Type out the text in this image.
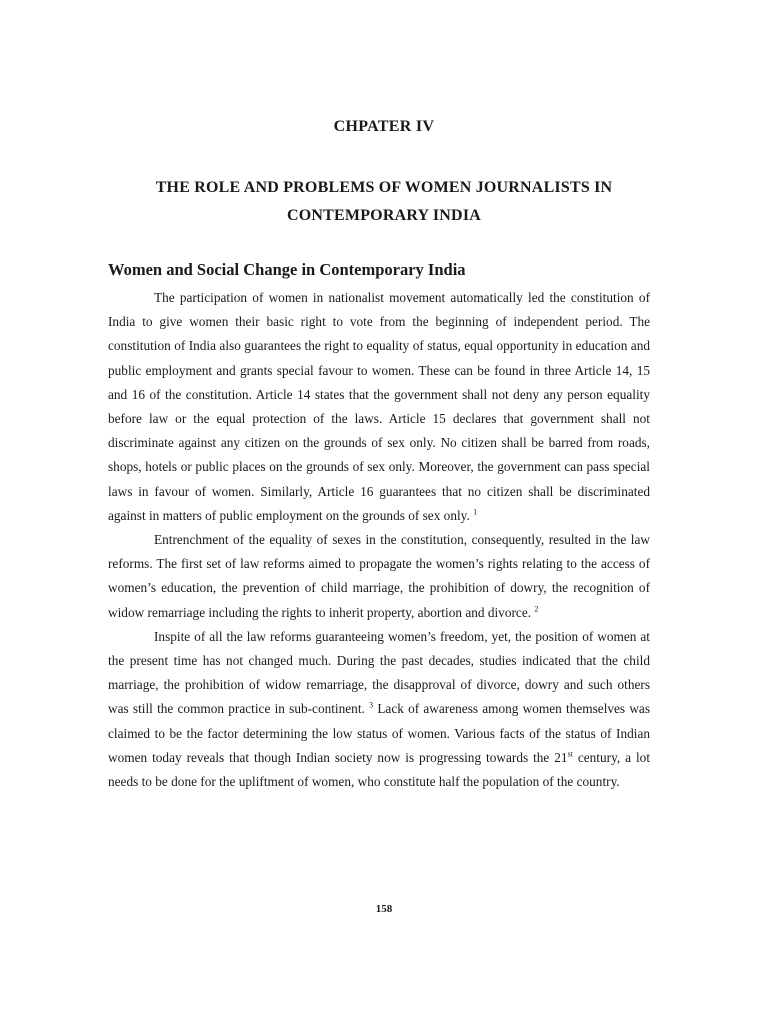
CHPATER IV
THE ROLE AND PROBLEMS OF WOMEN JOURNALISTS IN
CONTEMPORARY INDIA
Women and Social Change in Contemporary India

The participation of women in nationalist movement automatically led the constitution of India to give women their basic right to vote from the beginning of independent period. The constitution of India also guarantees the right to equality of status, equal opportunity in education and public employment and grants special favour to women. These can be found in three Article 14, 15 and 16 of the constitution. Article 14 states that the government shall not deny any person equality before law or the equal protection of the laws. Article 15 declares that government shall not discriminate against any citizen on the grounds of sex only. No citizen shall be barred from roads, shops, hotels or public places on the grounds of sex only. Moreover, the government can pass special laws in favour of women. Similarly, Article 16 guarantees that no citizen shall be discriminated against in matters of public employment on the grounds of sex only. $^1$

Entrenchment of the equality of sexes in the constitution, consequently, resulted in the law reforms. The first set of law reforms aimed to propagate the women’s rights relating to the access of women’s education, the prevention of child marriage, the prohibition of dowry, the recognition of widow remarriage including the rights to inherit property, abortion and divorce. $^2$

Inspite of all the law reforms guaranteeing women’s freedom, yet, the position of women at the present time has not changed much. During the past decades, studies indicated that the child marriage, the prohibition of widow remarriage, the disapproval of divorce, dowry and such others was still the common practice in sub-continent. $^3$ Lack of awareness among women themselves was claimed to be the factor determining the low status of women. Various facts of the status of Indian women today reveals that though Indian society now is progressing towards the 21st century, a lot needs to be done for the upliftment of women, who constitute half the population of the country.

158
